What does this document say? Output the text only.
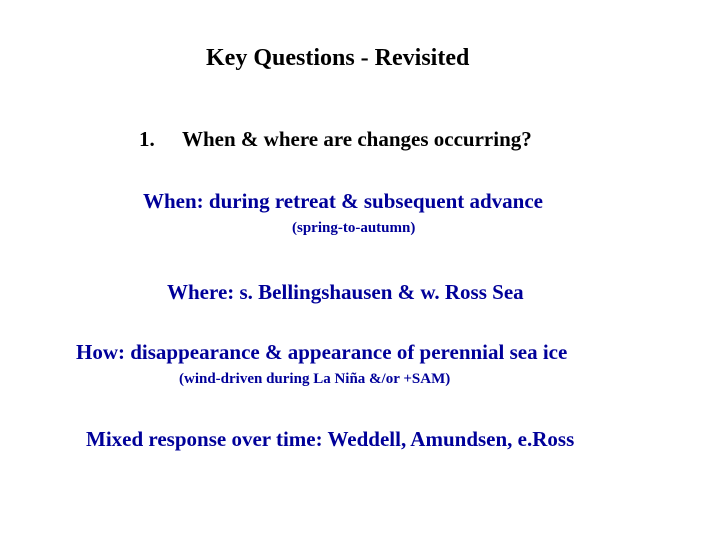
Key Questions - Revisited
1. When & where are changes occurring?
When: during retreat & subsequent advance
(spring-to-autumn)
Where: s. Bellingshausen & w. Ross Sea
How: disappearance & appearance of perennial sea ice
(wind-driven during La Niña &/or +SAM)
Mixed response over time: Weddell, Amundsen, e.Ross
